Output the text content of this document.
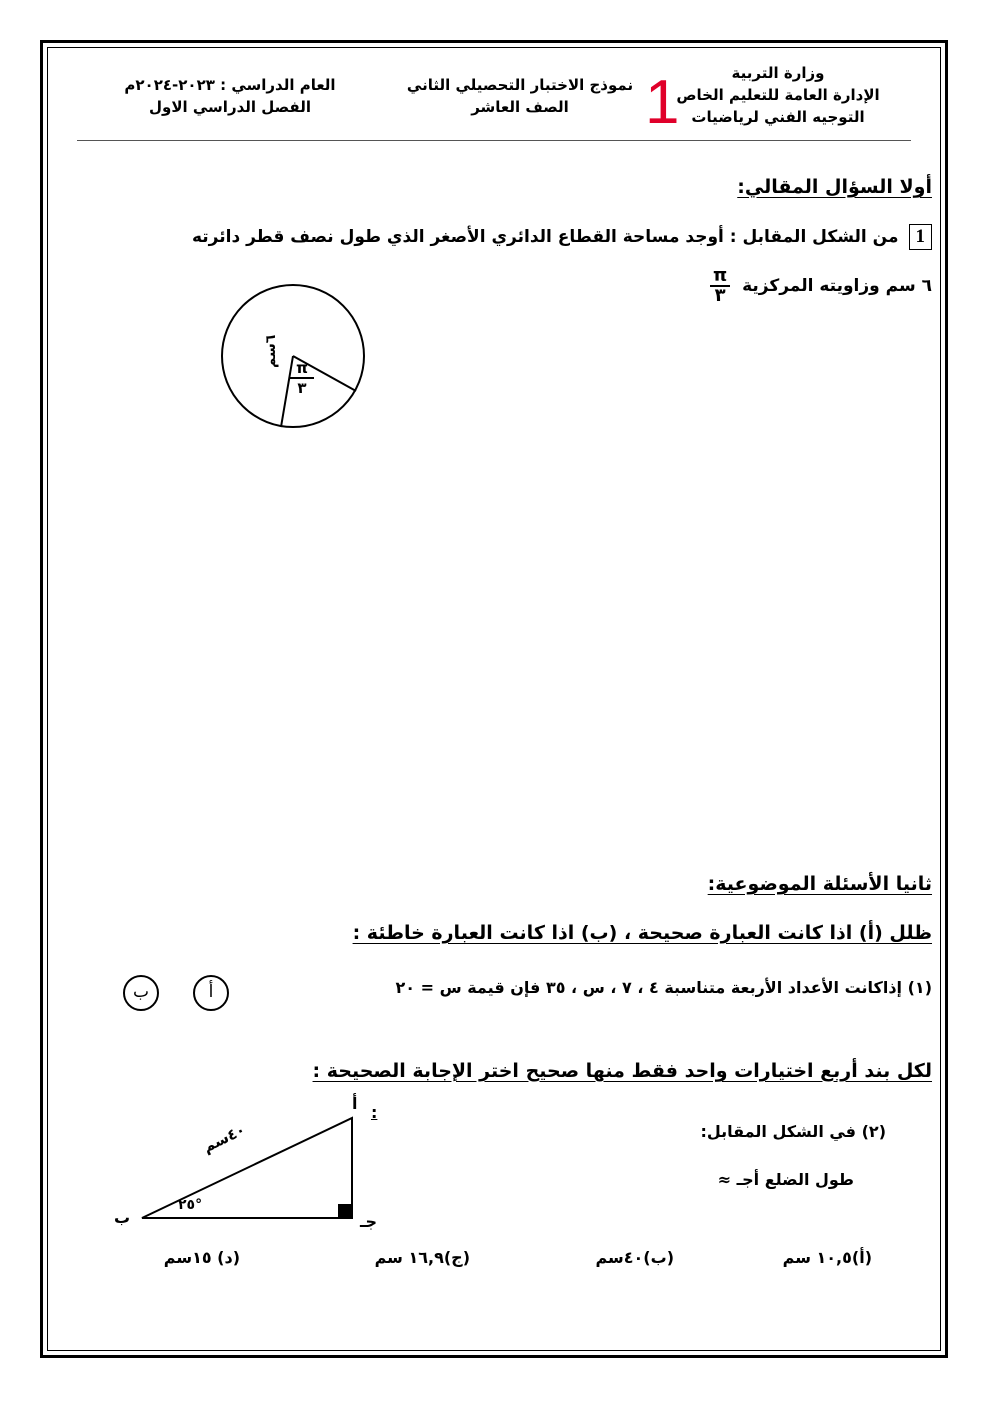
وزارة التربية
الإدارة العامة للتعليم الخاص
التوجيه الفني لرياضيات
1
نموذج الاختبار التحصيلي الثاني
الصف العاشر
العام الدراسي : ٢٠٢٣-٢٠٢٤م
الفصل الدراسي الاول
أولا السؤال المقالي:
1من الشكل المقابل : أوجد مساحة القطاع الدائري الأصغر الذي طول نصف قطر دائرته
٦ سم وزاويته المركزية
$\frac{\pi}{٣}$
٦سم
π
٣
ثانيا الأسئلة الموضوعية:
ظلل (أ) اذا كانت العبارة صحيحة ، (ب) اذا كانت العبارة خاطئة :
(١) إذاكانت الأعداد الأربعة متناسبة ٤ ، ٧ ، س ، ٣٥ فإن قيمة س = ٢٠
أ
ب
لكل بند أربع اختيارات واحد فقط منها صحيح اختر الإجابة الصحيحة :
(٢) في الشكل المقابل:
طول الضلع أجـ ≈
أ :
ب	جـ
٤٠سم
٢٥°
(أ)١٠,٥ سم
(ب)٤٠سم
(ج)١٦,٩ سم
(د) ١٥سم
